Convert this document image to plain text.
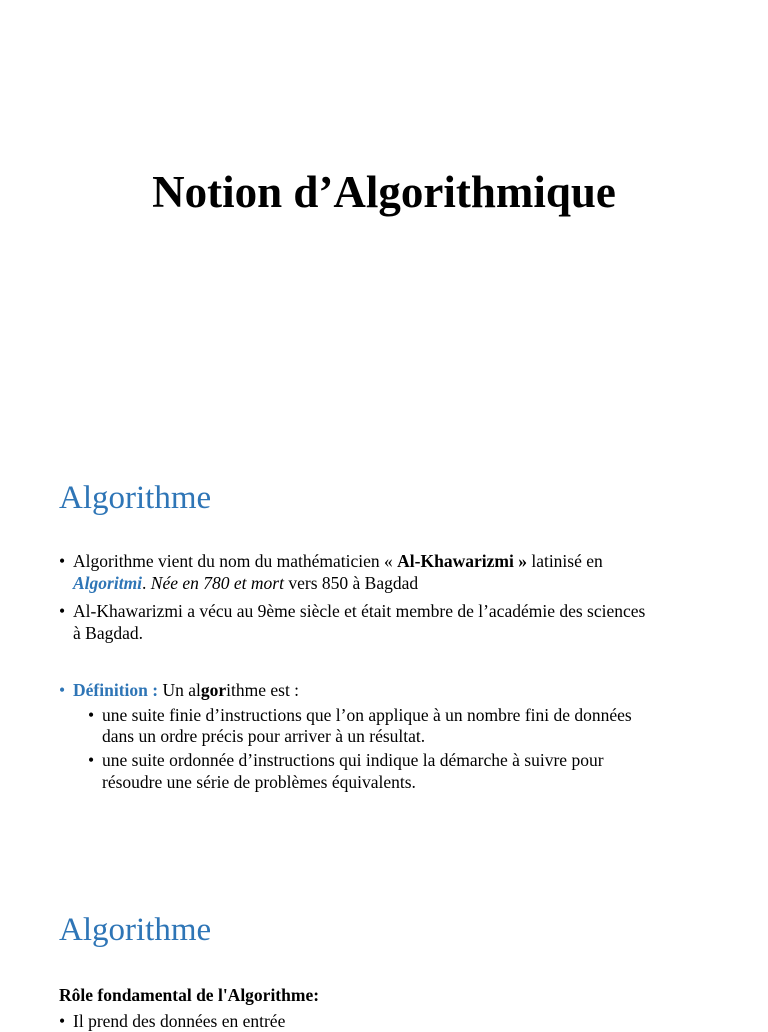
Notion d’Algorithmique
Algorithme
• Algorithme vient du nom du mathématicien « Al-Khawarizmi » latinisé en
Algoritmi. Née en 780 et mort vers 850 à Bagdad
• Al-Khawarizmi a vécu au 9ème siècle et était membre de l’académie des sciences
à Bagdad.
• Définition : Un algorithme est :
• une suite finie d’instructions que l’on applique à un nombre fini de données
dans un ordre précis pour arriver à un résultat.
• une suite ordonnée d’instructions qui indique la démarche à suivre pour
résoudre une série de problèmes équivalents.
Algorithme
Rôle fondamental de l'Algorithme:
• Il prend des données en entrée
